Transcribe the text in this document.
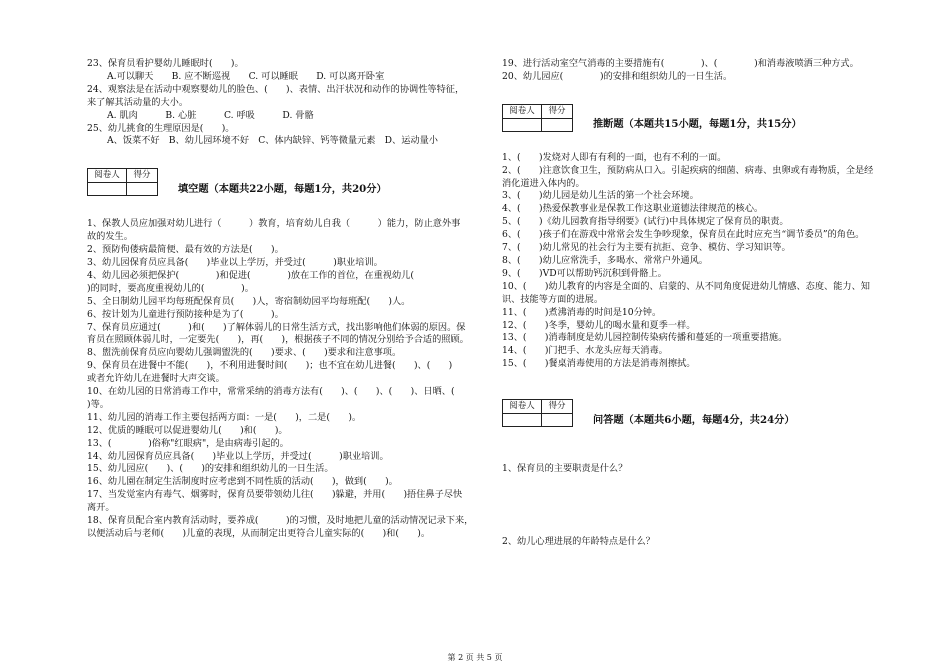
23、保育员看护婴幼儿睡眠时(　　)。
A.可以聊天　　B. 应不断巡视　　C. 可以睡眠　　D. 可以离开卧室
24、观察法是在活动中观察婴幼儿的脸色、(　　)、表情、出汗状况和动作的协调性等特征，
来了解其活动量的大小。
A. 肌肉　　　B. 心脏　　　C. 呼吸　　　D. 骨骼
25、幼儿挑食的生理原因是(　　)。
A、饭菜不好　B、幼儿园环境不好　C、体内缺锌、钙等微量元素　D、运动量小
阅卷人	得分

填空题（本题共22小题，每题1分，共20分）
1、保教人员应加强对幼儿进行（　　　）教育，培育幼儿自我（　　　）能力，防止意外事
故的发生。
2、预防佝偻病最简便、最有效的方法是(　　)。
3、幼儿园保育员应具备(　　)毕业以上学历，并受过(　　　)职业培训。
4、幼儿园必须把保护(　　　　)和促进(　　　　)放在工作的首位，在重视幼儿(　　
)的同时，要高度重视幼儿的(　　　　)。
5、全日制幼儿园平均每班配保育员(　　)人，寄宿制幼园平均每班配(　　)人。
6、按计划为儿童进行预防接种是为了(　　　)。
7、保育员应通过(　　　)和(　　)了解体弱儿的日常生活方式，找出影响他们体弱的原因。保
育员在照顾体弱儿时，一定要先(　　)，再(　　)，根据孩子不同的情况分别给予合适的照顾。
8、盥洗前保育员应向婴幼儿强调盥洗的(　　)要求、(　　)要求和注意事项。
9、保育员在进餐中不能(　　)，不利用进餐时间(　　)；也不宜在幼儿进餐(　　)、(　　)
或者允许幼儿在进餐时大声交谈。
10、在幼儿园的日常消毒工作中，常常采纳的消毒方法有(　　)、(　　)、(　　)、日晒、(　　
)等。
11、幼儿园的消毒工作主要包括两方面：一是(　　)，二是(　　)。
12、优质的睡眠可以促进婴幼儿(　　)和(　　)。
13、(　　　　)俗称"红眼病"，是由病毒引起的。
14、幼儿园保育员应具备(　　)毕业以上学历，并受过(　　　)职业培训。
15、幼儿园应(　　)、(　　)的安排和组织幼儿的一日生活。
16、幼儿園在制定生活制度时应考虑到不同性质的活动(　　)，做到(　　)。
17、当发觉室内有毒气、烟雾时，保育员要带领幼儿往(　　)躲避，并用(　　)捂住鼻子尽快
离开。
18、保育员配合室内教育活动时，要养成(　　　)的习惯，及时地把儿童的活动情况记录下来，
以便活动后与老师(　　)儿童的表现，从而制定出更符合儿童实际的(　　)和(　　)。
19、进行活动室空气消毒的主要措施有(　　　　)、(　　　　)和消毒液喷洒三种方式。
20、幼儿园应(　　　　)的安排和组织幼儿的一日生活。
阅卷人	得分

推断题（本题共15小题，每题1分，共15分）
1、(　　)发烧对人即有有利的一面，也有不利的一面。
2、(　　)注意饮食卫生，预防病从口入。引起疾病的细菌、病毒、虫卵或有毒物质，全是经
消化道进入体内的。
3、(　　)幼儿园是幼儿生活的第一个社会环境。
4、(　　)热爱保教事业是保教工作这职业道德法律规范的核心。
5、(　　)《幼儿园教育指导纲要》(试行)中具体规定了保育员的职责。
6、(　　)孩子们在游戏中常常会发生争吵现象，保育员在此时应充当“调节委员”的角色。
7、(　　)幼儿常见的社会行为主要有抗拒、竞争、模仿、学习知识等。
8、(　　)幼儿应常洗手，多喝水、常常户外通风。
9、(　　)VD可以帮助钙沉积到骨骼上。
10、(　　)幼儿教育的内容是全面的、启蒙的、从不同角度促进幼儿情感、态度、能力、知
识、技能等方面的进展。
11、(　　)煮沸消毒的时间是10分钟。
12、(　　)冬季，婴幼儿的喝水量和夏季一样。
13、(　　)消毒制度是幼儿园控制传染病传播和蔓延的一项重要措施。
14、(　　)门把手、水龙头应每天消毒。
15、(　　)餐桌消毒使用的方法是消毒剂擦拭。
阅卷人	得分

问答题（本题共6小题，每题4分，共24分）
1、保育员的主要职责是什么？
2、幼儿心理进展的年龄特点是什么？
第 2 页 共 5 页
